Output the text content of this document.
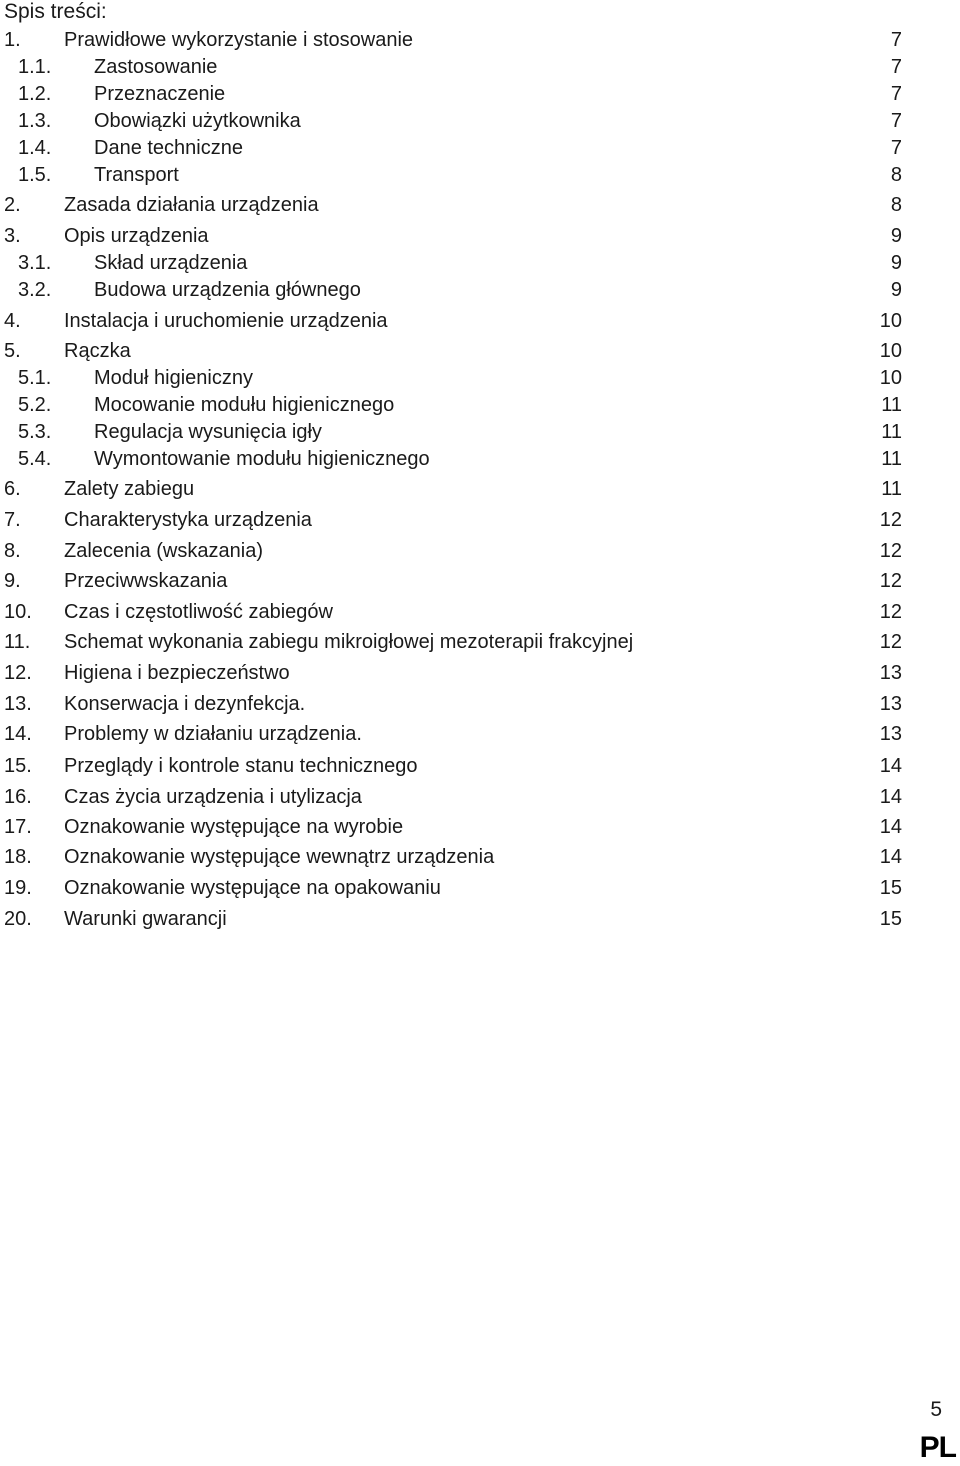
Spis treści:
1. Prawidłowe wykorzystanie i stosowanie	7
1.1. Zastosowanie	7
1.2. Przeznaczenie	7
1.3. Obowiązki użytkownika	7
1.4. Dane techniczne	7
1.5. Transport	8
2. Zasada działania urządzenia	8
3. Opis urządzenia	9
3.1. Skład urządzenia	9
3.2. Budowa urządzenia głównego	9
4. Instalacja i uruchomienie urządzenia	10
5. Rączka	10
5.1. Moduł higieniczny	10
5.2. Mocowanie modułu higienicznego	11
5.3. Regulacja wysunięcia igły	11
5.4. Wymontowanie modułu higienicznego	11
6. Zalety zabiegu	11
7. Charakterystyka urządzenia	12
8. Zalecenia (wskazania)	12
9. Przeciwwskazania	12
10. Czas i częstotliwość zabiegów	12
11. Schemat wykonania zabiegu mikroigłowej mezoterapii frakcyjnej	12
12. Higiena i bezpieczeństwo	13
13. Konserwacja i dezynfekcja.	13
14. Problemy w działaniu urządzenia.	13
15. Przeglądy i kontrole stanu technicznego	14
16. Czas życia urządzenia i utylizacja	14
17. Oznakowanie występujące na wyrobie	14
18. Oznakowanie występujące wewnątrz urządzenia	14
19. Oznakowanie występujące na opakowaniu	15
20. Warunki gwarancji	15
5
PL
